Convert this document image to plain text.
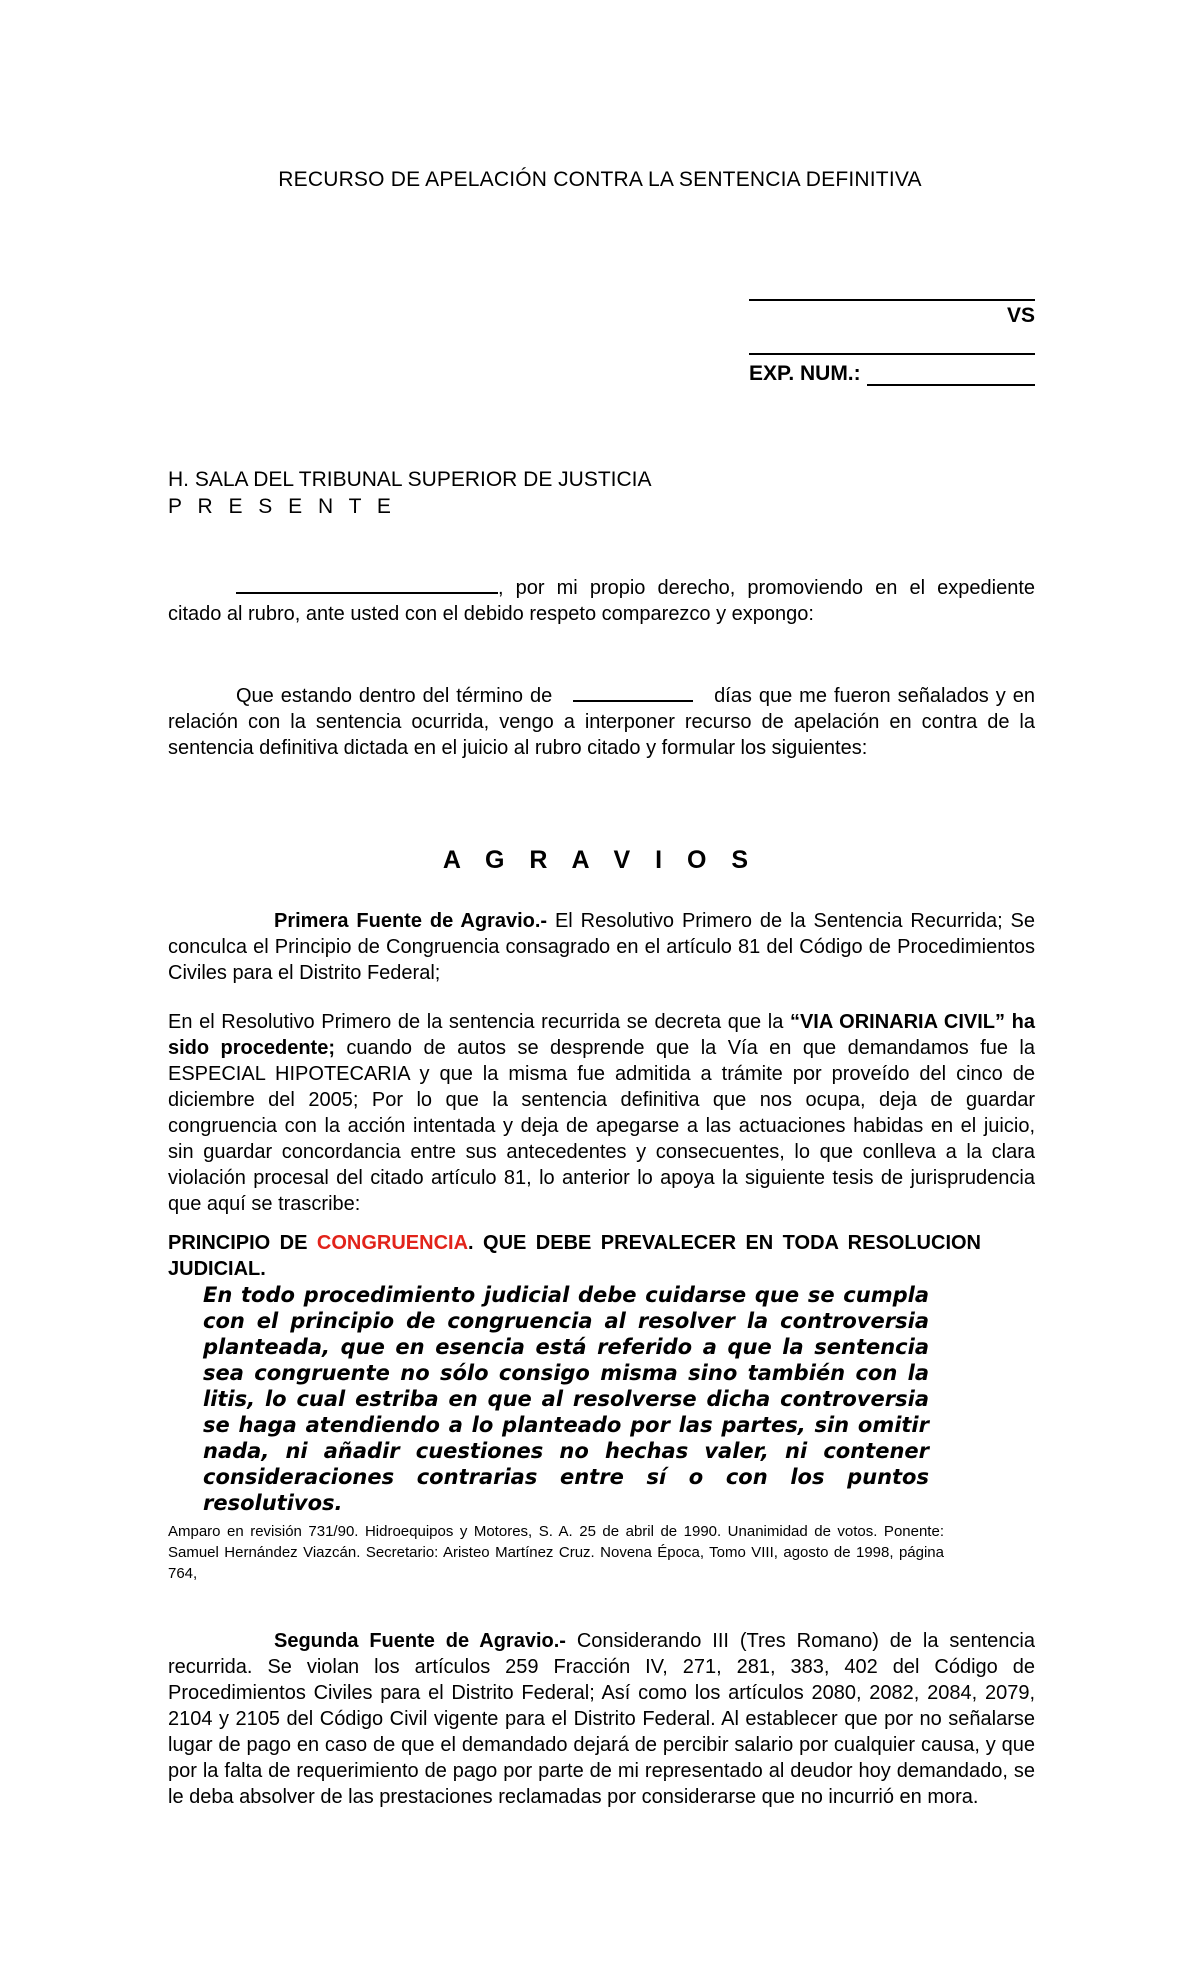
RECURSO DE APELACIÓN CONTRA LA SENTENCIA DEFINITIVA
VS
EXP. NUM.:
H. SALA DEL TRIBUNAL SUPERIOR DE JUSTICIA
P R E S E N T E
, por mi propio derecho, promoviendo en el expediente citado al rubro, ante usted con el debido respeto comparezco y expongo:
Que estando dentro del término de	días que me fueron señalados y en relación con la sentencia ocurrida, vengo a interponer recurso de apelación en contra de la sentencia definitiva dictada en el juicio al rubro citado y formular los siguientes:
A G R A V I O S
Primera Fuente de Agravio.- El Resolutivo Primero de la Sentencia Recurrida; Se conculca el Principio de Congruencia consagrado en el artículo 81 del Código de Procedimientos Civiles para el Distrito Federal;
En el Resolutivo Primero de la sentencia recurrida se decreta que la “VIA ORINARIA CIVIL” ha sido procedente; cuando de autos se desprende que la Vía en que demandamos fue la ESPECIAL HIPOTECARIA y que la misma fue admitida a trámite por proveído del cinco de diciembre del 2005; Por lo que la sentencia definitiva que nos ocupa, deja de guardar congruencia con la acción intentada y deja de apegarse a las actuaciones habidas en el juicio, sin guardar concordancia entre sus antecedentes y consecuentes, lo que conlleva a la clara violación procesal del citado artículo 81, lo anterior lo apoya la siguiente tesis de jurisprudencia que aquí se trascribe:
PRINCIPIO DE CONGRUENCIA. QUE DEBE PREVALECER EN TODA RESOLUCION JUDICIAL.
En todo procedimiento judicial debe cuidarse que se cumpla con el principio de congruencia al resolver la controversia planteada, que en esencia está referido a que la sentencia sea congruente no sólo consigo misma sino también con la litis, lo cual estriba en que al resolverse dicha controversia se haga atendiendo a lo planteado por las partes, sin omitir nada, ni añadir cuestiones no hechas valer, ni contener consideraciones contrarias entre sí o con los puntos resolutivos.
Amparo en revisión 731/90. Hidroequipos y Motores, S. A. 25 de abril de 1990. Unanimidad de votos. Ponente: Samuel Hernández Viazcán. Secretario: Aristeo Martínez Cruz. Novena Época, Tomo VIII, agosto de 1998, página 764,
Segunda Fuente de Agravio.- Considerando III (Tres Romano) de la sentencia recurrida. Se violan los artículos 259 Fracción IV, 271, 281, 383, 402 del Código de Procedimientos Civiles para el Distrito Federal; Así como los artículos 2080, 2082, 2084, 2079, 2104 y 2105 del Código Civil vigente para el Distrito Federal. Al establecer que por no señalarse lugar de pago en caso de que el demandado dejará de percibir salario por cualquier causa, y que por la falta de requerimiento de pago por parte de mi representado al deudor hoy demandado, se le deba absolver de las prestaciones reclamadas por considerarse que no incurrió en mora.
